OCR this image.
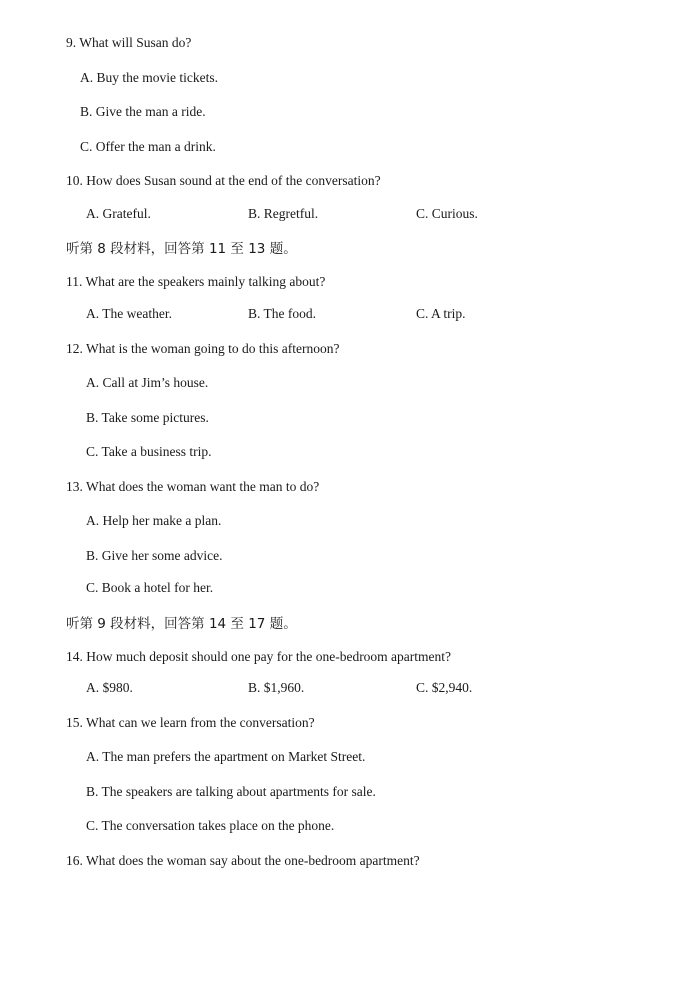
9. What will Susan do?
A. Buy the movie tickets.
B. Give the man a ride.
C. Offer the man a drink.
10. How does Susan sound at the end of the conversation?
A. Grateful.	B. Regretful.	C. Curious.
听第 8 段材料，回答第 11 至 13 题。
11. What are the speakers mainly talking about?
A. The weather.	B. The food.	C. A trip.
12. What is the woman going to do this afternoon?
A. Call at Jim’s house.
B. Take some pictures.
C. Take a business trip.
13. What does the woman want the man to do?
A. Help her make a plan.
B. Give her some advice.
C. Book a hotel for her.
听第 9 段材料，回答第 14 至 17 题。
14. How much deposit should one pay for the one-bedroom apartment?
A. $980.	B. $1,960.	C. $2,940.
15. What can we learn from the conversation?
A. The man prefers the apartment on Market Street.
B. The speakers are talking about apartments for sale.
C. The conversation takes place on the phone.
16. What does the woman say about the one-bedroom apartment?
